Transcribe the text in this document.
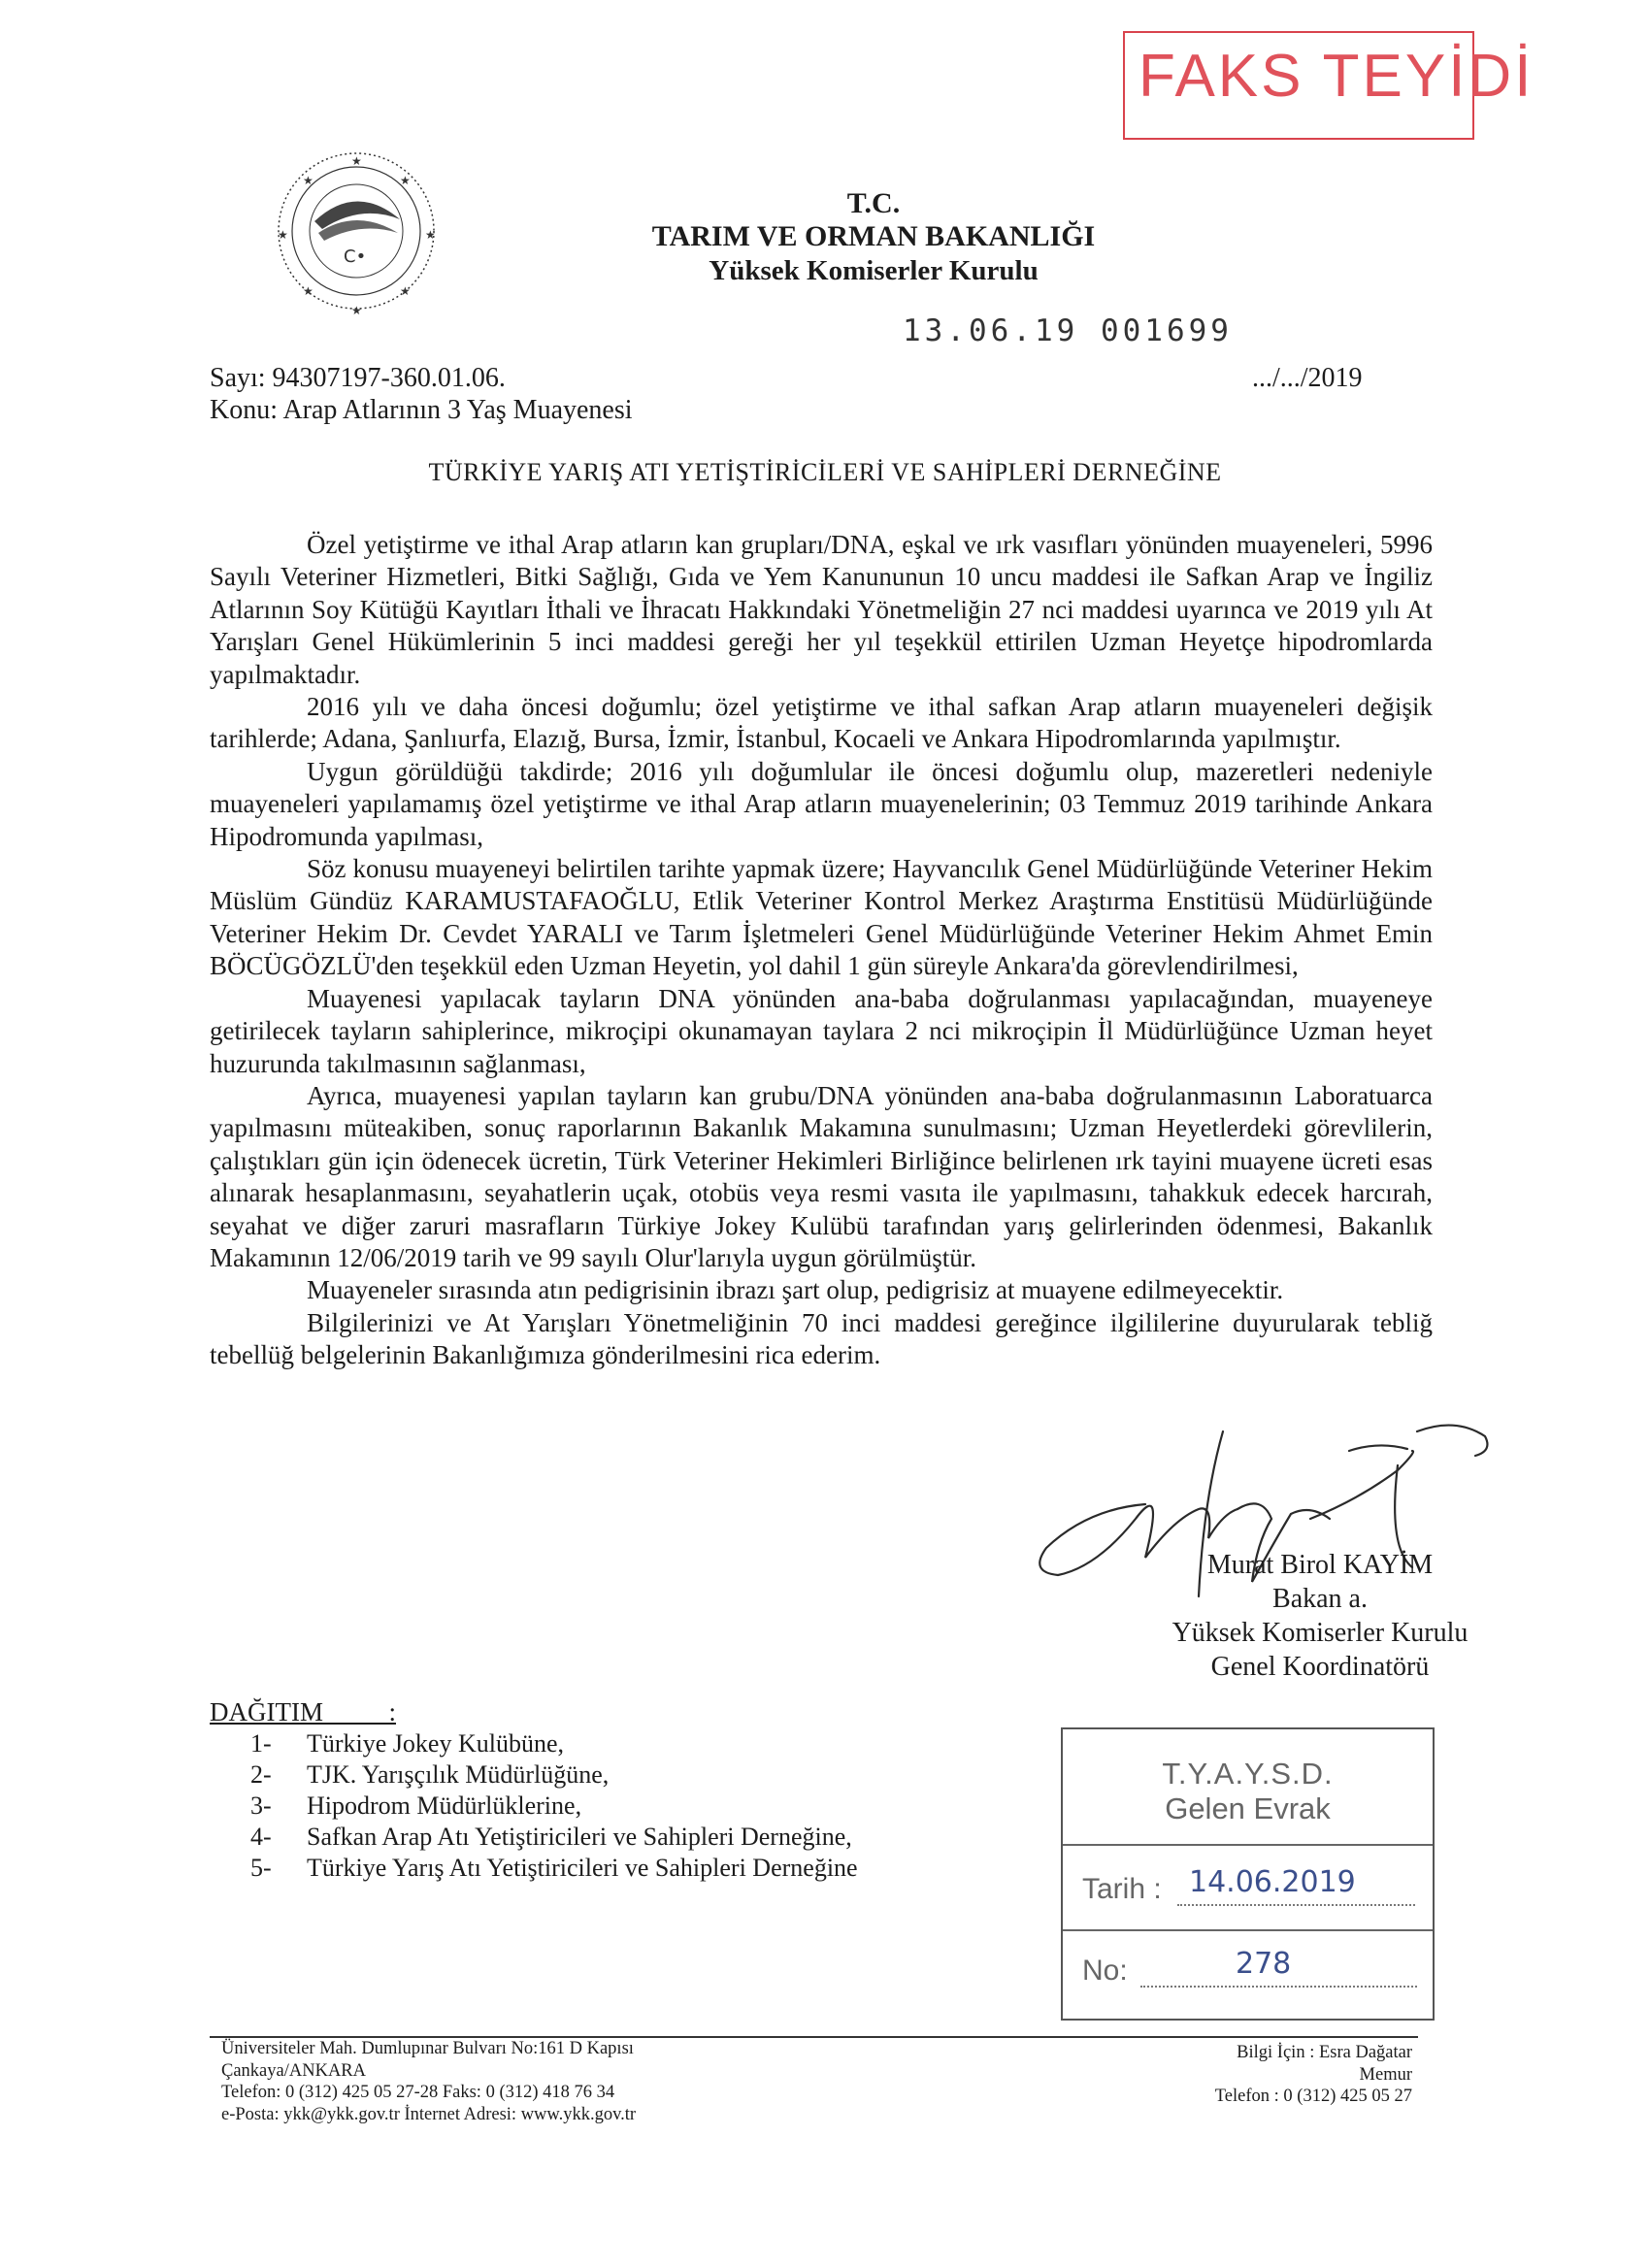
FAKS TEYİDİ
C•
★	★
★	★
★	★
★
★
T.C.
TARIM VE ORMAN BAKANLIĞI
Yüksek Komiserler Kurulu
13.06.19 001699
Sayı: 94307197-360.01.06.
Konu: Arap Atlarının 3 Yaş Muayenesi
.../.../2019
TÜRKİYE YARIŞ ATI YETİŞTİRİCİLERİ VE SAHİPLERİ DERNEĞİNE

Özel yetiştirme ve ithal Arap atların kan grupları/DNA, eşkal ve ırk vasıfları yönünden muayeneleri, 5996 Sayılı Veteriner Hizmetleri, Bitki Sağlığı, Gıda ve Yem Kanununun 10 uncu maddesi ile Safkan Arap ve İngiliz Atlarının Soy Kütüğü Kayıtları İthali ve İhracatı Hakkındaki Yönetmeliğin 27 nci maddesi uyarınca ve 2019 yılı At Yarışları Genel Hükümlerinin 5 inci maddesi gereği her yıl teşekkül ettirilen Uzman Heyetçe hipodromlarda yapılmaktadır.

2016 yılı ve daha öncesi doğumlu; özel yetiştirme ve ithal safkan Arap atların muayeneleri değişik tarihlerde; Adana, Şanlıurfa, Elazığ, Bursa, İzmir, İstanbul, Kocaeli ve Ankara Hipodromlarında yapılmıştır.

Uygun görüldüğü takdirde; 2016 yılı doğumlular ile öncesi doğumlu olup, mazeretleri nedeniyle muayeneleri yapılamamış özel yetiştirme ve ithal Arap atların muayenelerinin; 03 Temmuz 2019 tarihinde Ankara Hipodromunda yapılması,

Söz konusu muayeneyi belirtilen tarihte yapmak üzere; Hayvancılık Genel Müdürlüğünde Veteriner Hekim Müslüm Gündüz KARAMUSTAFAOĞLU, Etlik Veteriner Kontrol Merkez Araştırma Enstitüsü Müdürlüğünde Veteriner Hekim Dr. Cevdet YARALI ve Tarım İşletmeleri Genel Müdürlüğünde Veteriner Hekim Ahmet Emin BÖCÜGÖZLÜ'den teşekkül eden Uzman Heyetin, yol dahil 1 gün süreyle Ankara'da görevlendirilmesi,

Muayenesi yapılacak tayların DNA yönünden ana-baba doğrulanması yapılacağından, muayeneye getirilecek tayların sahiplerince, mikroçipi okunamayan taylara 2 nci mikroçipin İl Müdürlüğünce Uzman heyet huzurunda takılmasının sağlanması,

Ayrıca, muayenesi yapılan tayların kan grubu/DNA yönünden ana-baba doğrulanmasının Laboratuarca yapılmasını müteakiben, sonuç raporlarının Bakanlık Makamına sunulmasını; Uzman Heyetlerdeki görevlilerin, çalıştıkları gün için ödenecek ücretin, Türk Veteriner Hekimleri Birliğince belirlenen ırk tayini muayene ücreti esas alınarak hesaplanmasını, seyahatlerin uçak, otobüs veya resmi vasıta ile yapılmasını, tahakkuk edecek harcırah, seyahat ve diğer zaruri masrafların Türkiye Jokey Kulübü tarafından yarış gelirlerinden ödenmesi, Bakanlık Makamının 12/06/2019 tarih ve 99 sayılı Olur'larıyla uygun görülmüştür.

Muayeneler sırasında atın pedigrisinin ibrazı şart olup, pedigrisiz at muayene edilmeyecektir.

Bilgilerinizi ve At Yarışları Yönetmeliğinin 70 inci maddesi gereğince ilgililerine duyurularak tebliğ tebellüğ belgelerinin Bakanlığımıza gönderilmesini rica ederim.

Murat Birol KAYİM
Bakan a.
Yüksek Komiserler Kurulu
Genel Koordinatörü
DAĞITIM          :
1- Türkiye Jokey Kulübüne,
2- TJK. Yarışçılık Müdürlüğüne,
3- Hipodrom Müdürlüklerine,
4- Safkan Arap Atı Yetiştiricileri ve Sahipleri Derneğine,
5- Türkiye Yarış Atı Yetiştiricileri ve Sahipleri Derneğine
T.Y.A.Y.S.D.
Gelen Evrak
Tarih : 14.06.2019
No:	278
Üniversiteler Mah. Dumlupınar Bulvarı No:161 D Kapısı
Çankaya/ANKARA
Telefon: 0 (312) 425 05 27-28 Faks: 0 (312) 418 76 34
e-Posta: ykk@ykk.gov.tr İnternet Adresi: www.ykk.gov.tr
Bilgi İçin : Esra Dağatar
Memur
Telefon : 0 (312) 425 05 27
